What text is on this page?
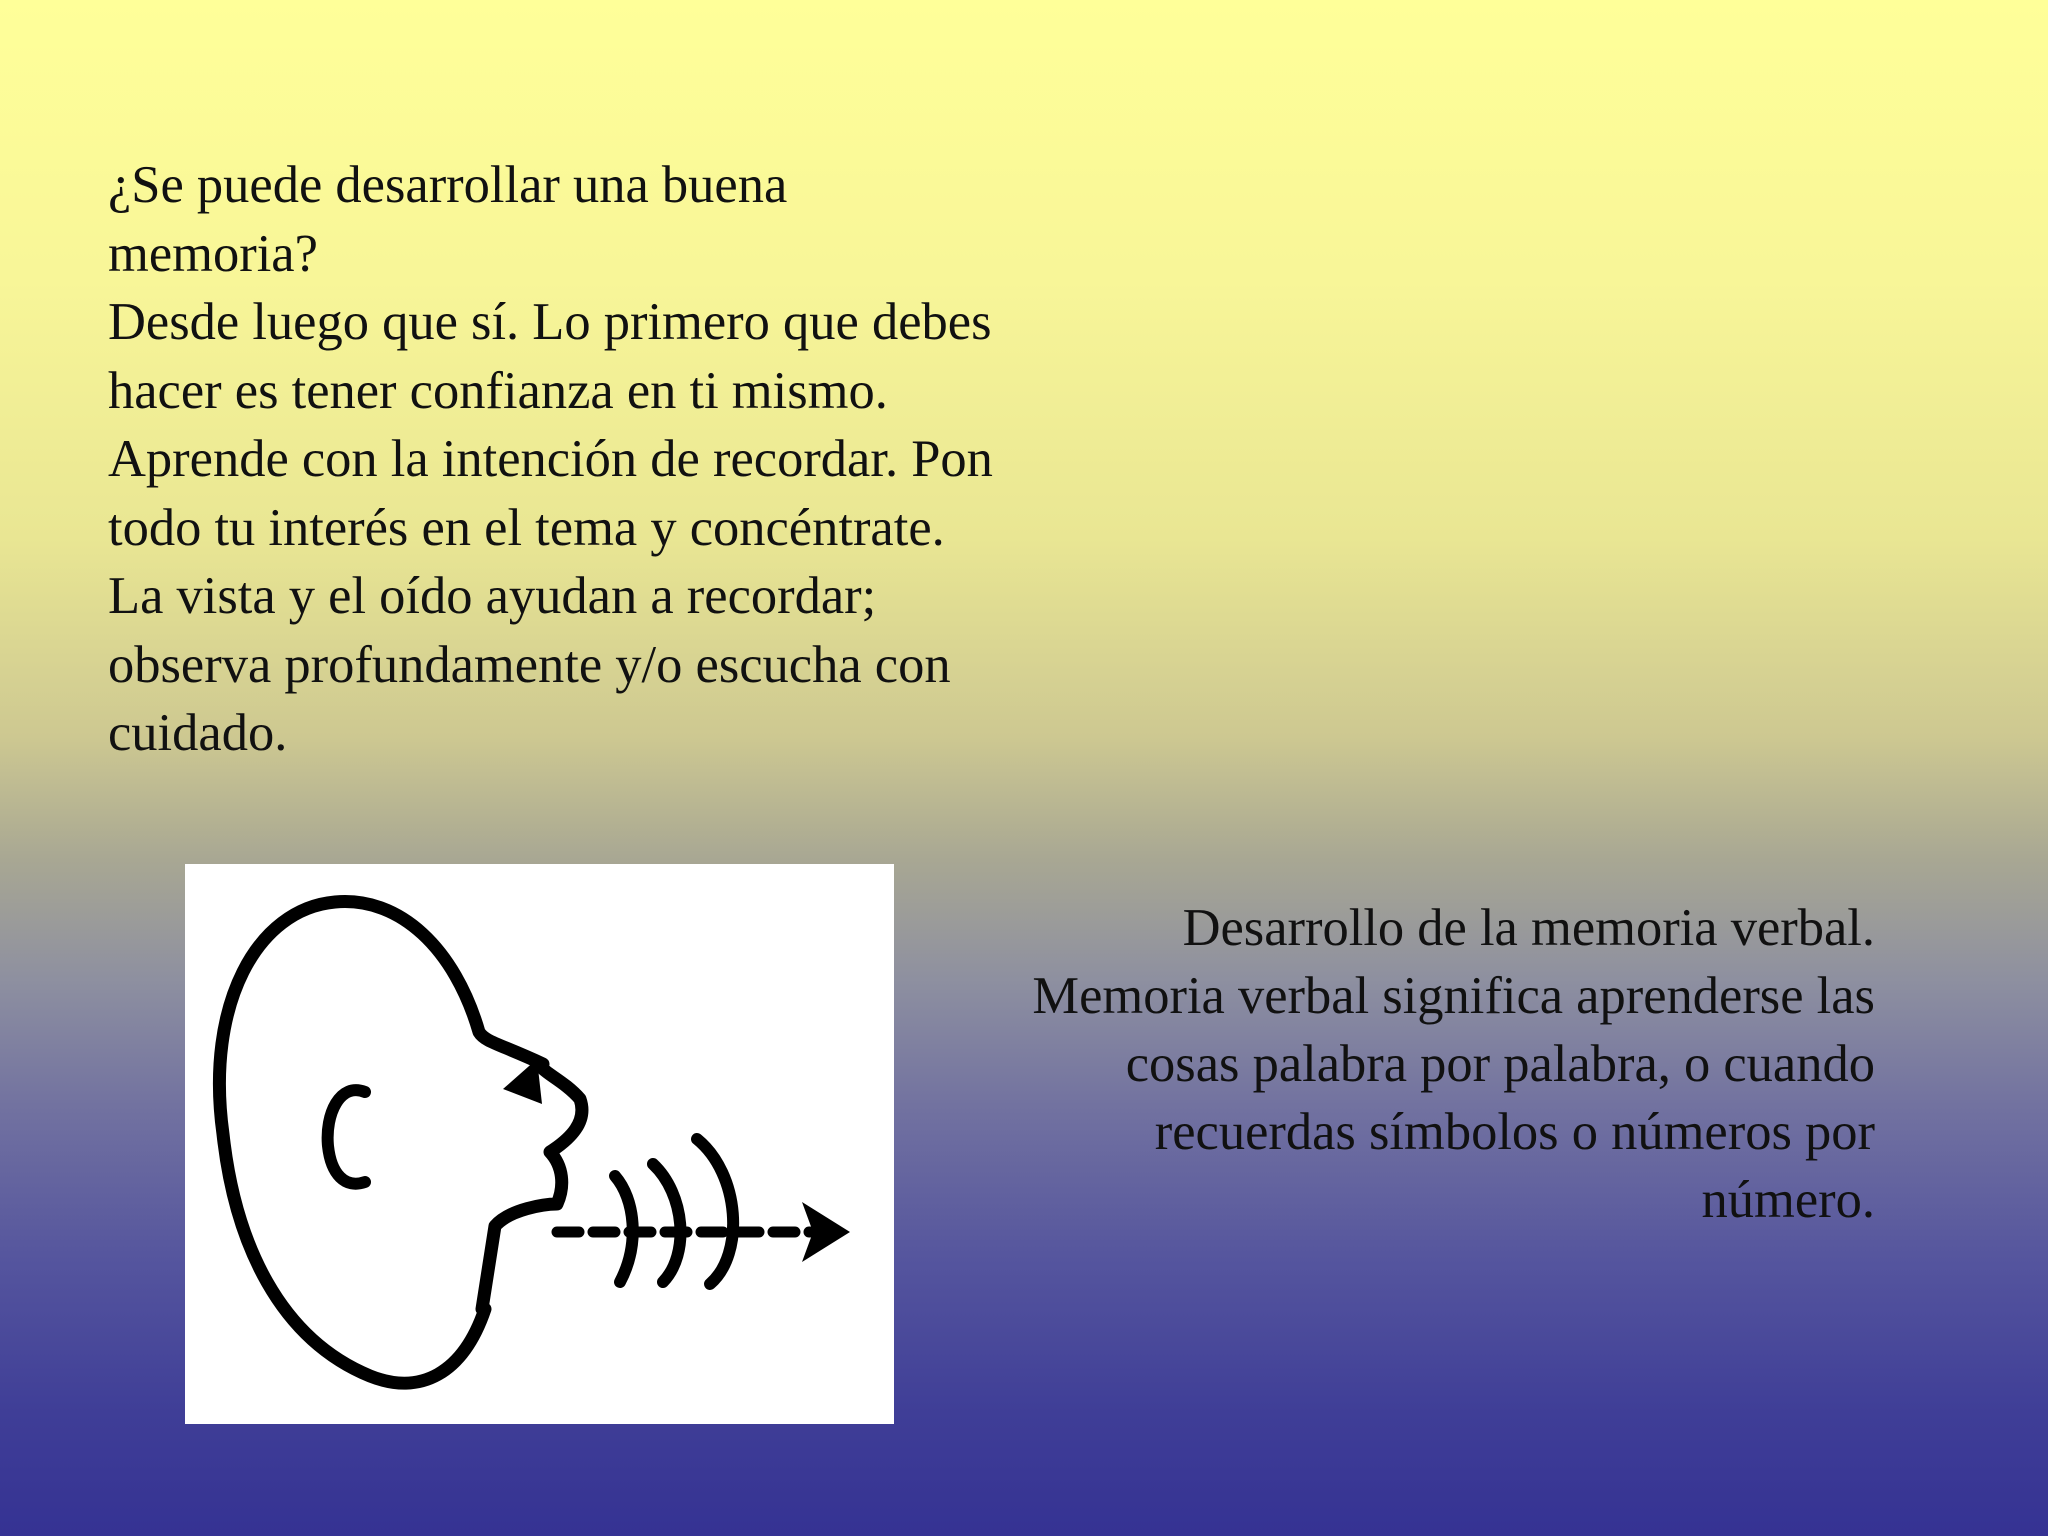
¿Se puede desarrollar una buena memoria?

Desde luego que sí. Lo primero que debes hacer es tener confianza en ti mismo. Aprende con la intención de recordar. Pon todo tu interés en el tema y concéntrate. La vista y el oído ayudan a recordar; observa profundamente y/o escucha con cuidado.

Desarrollo de la memoria verbal.

Memoria verbal significa aprenderse las cosas palabra por palabra, o cuando recuerdas símbolos o números por número.
